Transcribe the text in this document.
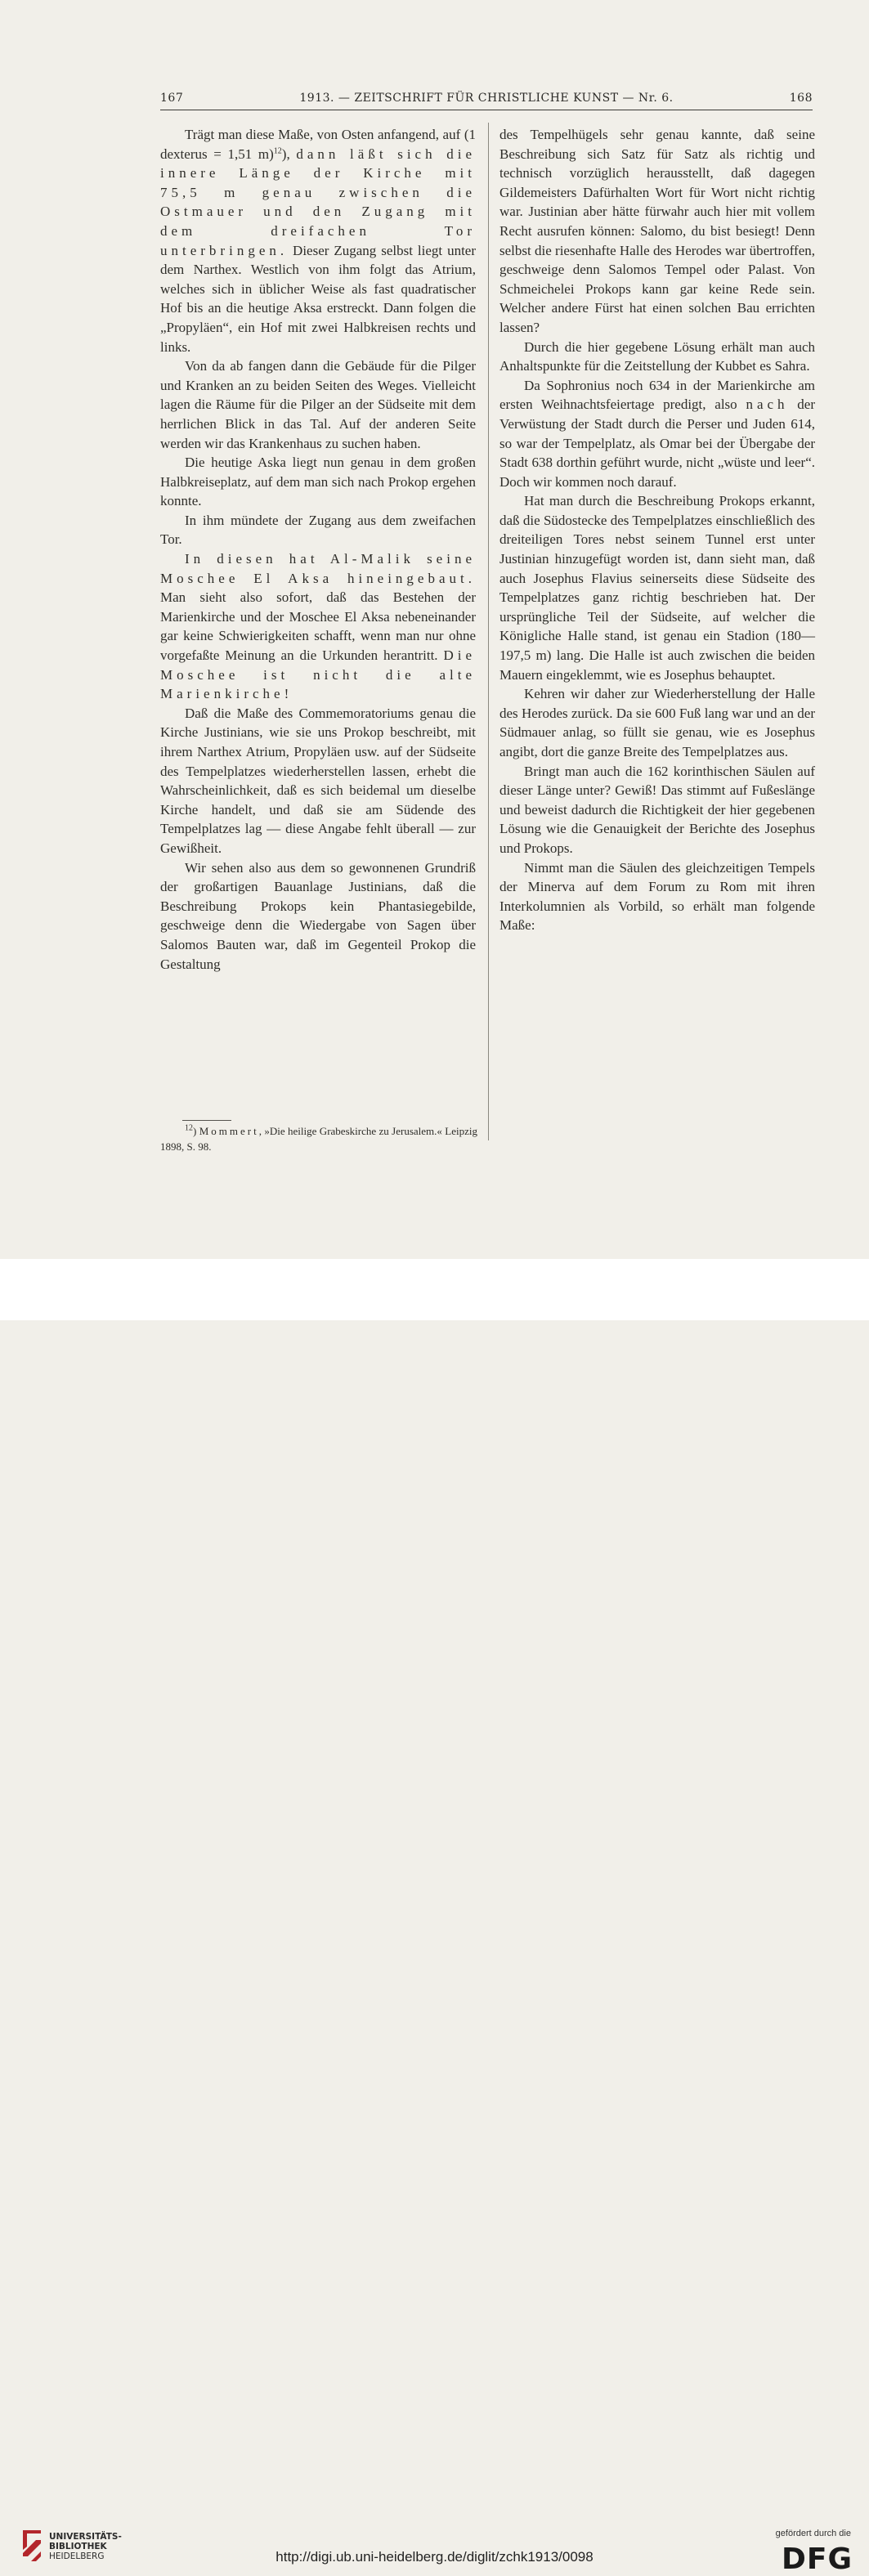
167	1913. — ZEITSCHRIFT FÜR CHRISTLICHE KUNST — Nr. 6.	168

Trägt man diese Maße, von Osten anfangend, auf (1 dexterus = 1,51 m)$^{12}$), dann läßt sich die innere Länge der Kirche mit 75,5 m genau zwischen die Ostmauer und den Zugang mit dem dreifachen Tor unterbringen. Dieser Zugang selbst liegt unter dem Narthex. Westlich von ihm folgt das Atrium, welches sich in üblicher Weise als fast quadratischer Hof bis an die heutige Aksa erstreckt. Dann folgen die „Propyläen“, ein Hof mit zwei Halbkreisen rechts und links.

Von da ab fangen dann die Gebäude für die Pilger und Kranken an zu beiden Seiten des Weges. Vielleicht lagen die Räume für die Pilger an der Südseite mit dem herrlichen Blick in das Tal. Auf der anderen Seite werden wir das Krankenhaus zu suchen haben.

Die heutige Aska liegt nun genau in dem großen Halbkreiseplatz, auf dem man sich nach Prokop ergehen konnte.

In ihm mündete der Zugang aus dem zweifachen Tor.

In diesen hat Al-Malik seine Moschee El Aksa hineingebaut. Man sieht also sofort, daß das Bestehen der Marienkirche und der Moschee El Aksa nebeneinander gar keine Schwierigkeiten schafft, wenn man nur ohne vorgefaßte Meinung an die Urkunden herantritt. Die Moschee ist nicht die alte Marienkirche!

Daß die Maße des Commemoratoriums genau die Kirche Justinians, wie sie uns Prokop beschreibt, mit ihrem Narthex Atrium, Propyläen usw. auf der Südseite des Tempelplatzes wiederherstellen lassen, erhebt die Wahrscheinlichkeit, daß es sich beidemal um dieselbe Kirche handelt, und daß sie am Südende des Tempelplatzes lag — diese Angabe fehlt überall — zur Gewißheit.

Wir sehen also aus dem so gewonnenen Grundriß der großartigen Bauanlage Justinians, daß die Beschreibung Prokops kein Phantasiegebilde, geschweige denn die Wiedergabe von Sagen über Salomos Bauten war, daß im Gegenteil Prokop die Gestaltung

des Tempelhügels sehr genau kannte, daß seine Beschreibung sich Satz für Satz als richtig und technisch vorzüglich herausstellt, daß dagegen Gildemeisters Dafürhalten Wort für Wort nicht richtig war. Justinian aber hätte fürwahr auch hier mit vollem Recht ausrufen können: Salomo, du bist besiegt! Denn selbst die riesenhafte Halle des Herodes war übertroffen, geschweige denn Salomos Tempel oder Palast. Von Schmeichelei Prokops kann gar keine Rede sein. Welcher andere Fürst hat einen solchen Bau errichten lassen?

Durch die hier gegebene Lösung erhält man auch Anhaltspunkte für die Zeitstellung der Kubbet es Sahra.

Da Sophronius noch 634 in der Marienkirche am ersten Weihnachtsfeiertage predigt, also nach der Verwüstung der Stadt durch die Perser und Juden 614, so war der Tempelplatz, als Omar bei der Übergabe der Stadt 638 dorthin geführt wurde, nicht „wüste und leer“. Doch wir kommen noch darauf.

Hat man durch die Beschreibung Prokops erkannt, daß die Südostecke des Tempelplatzes einschließlich des dreiteiligen Tores nebst seinem Tunnel erst unter Justinian hinzugefügt worden ist, dann sieht man, daß auch Josephus Flavius seinerseits diese Südseite des Tempelplatzes ganz richtig beschrieben hat. Der ursprüngliche Teil der Südseite, auf welcher die Königliche Halle stand, ist genau ein Stadion (180—197,5 m) lang. Die Halle ist auch zwischen die beiden Mauern eingeklemmt, wie es Josephus behauptet.

Kehren wir daher zur Wiederherstellung der Halle des Herodes zurück. Da sie 600 Fuß lang war und an der Südmauer anlag, so füllt sie genau, wie es Josephus angibt, dort die ganze Breite des Tempelplatzes aus.

Bringt man auch die 162 korinthischen Säulen auf dieser Länge unter? Gewiß! Das stimmt auf Fußeslänge und beweist dadurch die Richtigkeit der hier gegebenen Lösung wie die Genauigkeit der Berichte des Josephus und Prokops.

Nimmt man die Säulen des gleichzeitigen Tempels der Minerva auf dem Forum zu Rom mit ihren Interkolumnien als Vorbild, so erhält man folgende Maße:

$^{12}$) Mommert, »Die heilige Grabeskirche zu Jerusalem.« Leipzig 1898, S. 98.
UNIVERSITÄTS-
BIBLIOTHEK
HEIDELBERG	http://digi.ub.uni-heidelberg.de/diglit/zchk1913/0098
gefördert durch die
DFG
